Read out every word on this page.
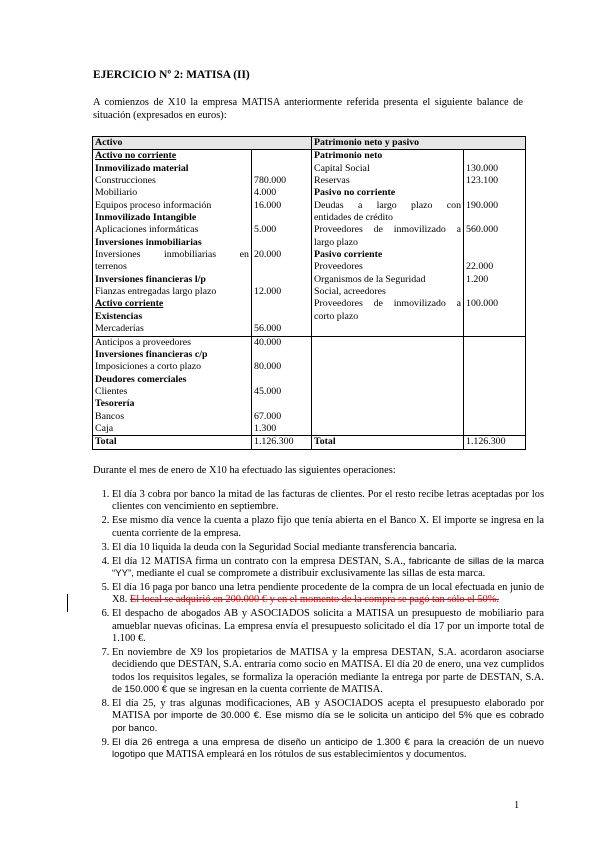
EJERCICIO Nº 2: MATISA (II)
A comienzos de X10 la empresa MATISA anteriormente referida presenta el siguiente balance de situación (expresados en euros):
Activo		Patrimonio neto y pasivo	
Activo no corriente		Patrimonio neto	
Inmovilizado material		Capital Social	130.000
Construcciones	780.000	Reservas	123.100
Mobiliario	4.000	Pasivo no corriente	
Equipos proceso información	16.000	Deudas a largo plazo con	190.000
Inmovilizado Intangible		entidades de crédito	
Aplicaciones informáticas	5.000	Proveedores de inmovilizado a	560.000
Inversiones inmobiliarias		largo plazo	
Inversiones inmobiliarias en	20.000	Pasivo corriente	
terrenos		Proveedores	22.000
Inversiones financieras l/p		Organismos de la Seguridad	1.200
Fianzas entregadas largo plazo	12.000	Social, acreedores	
Activo corriente		Proveedores de inmovilizado a	100.000
Existencias		corto plazo	
Mercaderías	56.000		
Anticipos a proveedores	40.000		
Inversiones financieras c/p			
Imposiciones a corto plazo	80.000		
Deudores comerciales			
Clientes	45.000		
Tesorería			
Bancos	67.000		
Caja	1.300		
Total	1.126.300	Total	1.126.300
Durante el mes de enero de X10 ha efectuado las siguientes operaciones:
1. El día 3 cobra por banco la mitad de las facturas de clientes. Por el resto recibe letras aceptadas por los clientes con vencimiento en septiembre.
2. Ese mismo día vence la cuenta a plazo fijo que tenía abierta en el Banco X. El importe se ingresa en la cuenta corriente de la empresa.
3. El día 10 liquida la deuda con la Seguridad Social mediante transferencia bancaria.
4. El día 12 MATISA firma un contrato con la empresa DESTAN, S.A., fabricante de sillas de la marca “YY”, mediante el cual se compromete a distribuir exclusivamente las sillas de esta marca.
5. El día 16 paga por banco una letra pendiente procedente de la compra de un local efectuada en junio de X8. El local se adquirió en 200.000 € y en el momento de la compra se pagó tan sólo el 50%.
6. El despacho de abogados AB y ASOCIADOS solicita a MATISA un presupuesto de mobiliario para amueblar nuevas oficinas. La empresa envía el presupuesto solicitado el día 17 por un importe total de 1.100 €.
7. En noviembre de X9 los propietarios de MATISA y la empresa DESTAN, S.A. acordaron asociarse decidiendo que DESTAN, S.A. entraría como socio en MATISA. El día 20 de enero, una vez cumplidos todos los requisitos legales, se formaliza la operación mediante la entrega por parte de DESTAN, S.A. de 150.000 € que se ingresan en la cuenta corriente de MATISA.
8. El día 25, y tras algunas modificaciones, AB y ASOCIADOS acepta el presupuesto elaborado por MATISA por importe de 30.000 €. Ese mismo día se le solicita un anticipo del 5% que es cobrado por banco.
9. El día 26 entrega a una empresa de diseño un anticipo de 1.300 € para la creación de un nuevo logotipo que MATISA empleará en los rótulos de sus establecimientos y documentos.
1
